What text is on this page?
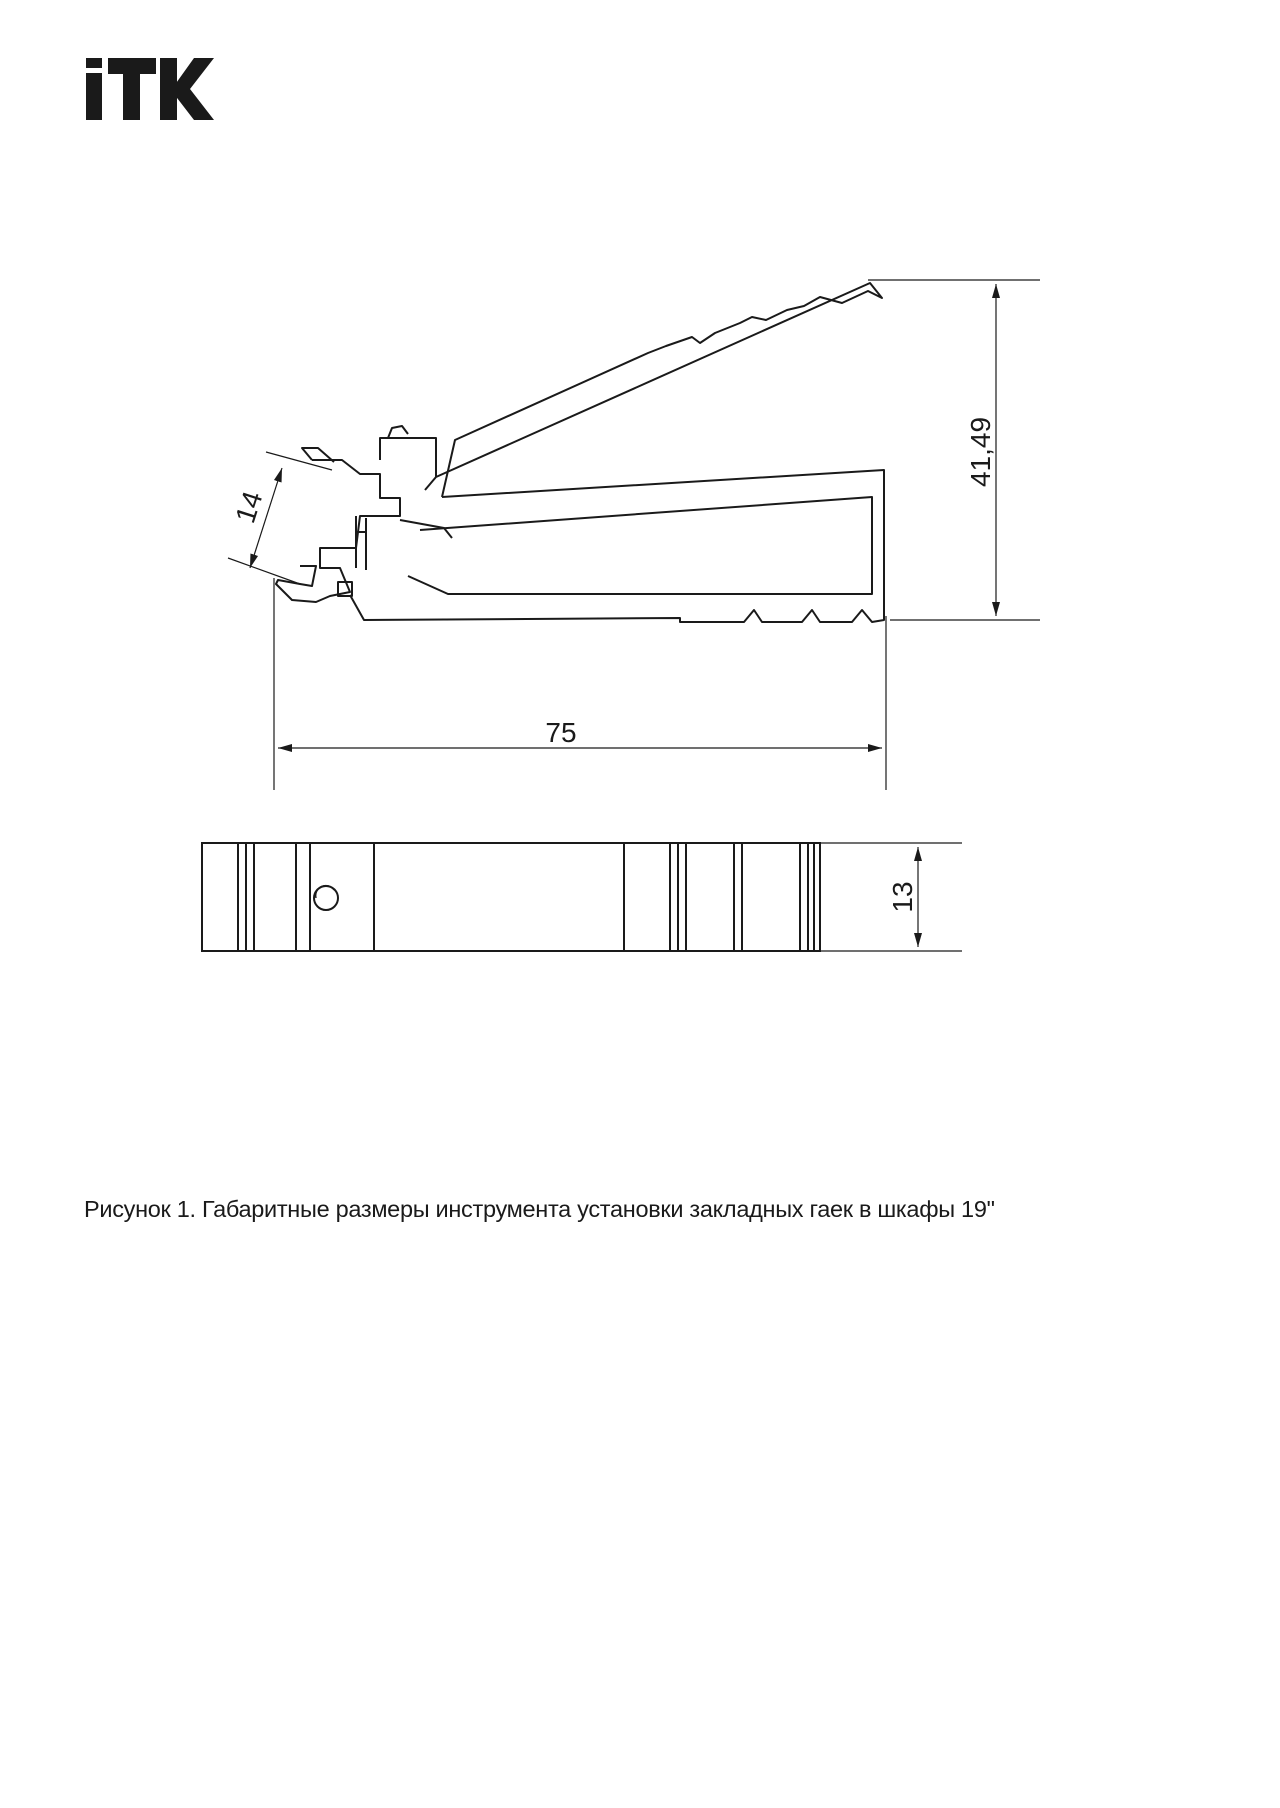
41,49
75
14
13
Рисунок 1. Габаритные размеры инструмента установки закладных гаек в шкафы 19"
